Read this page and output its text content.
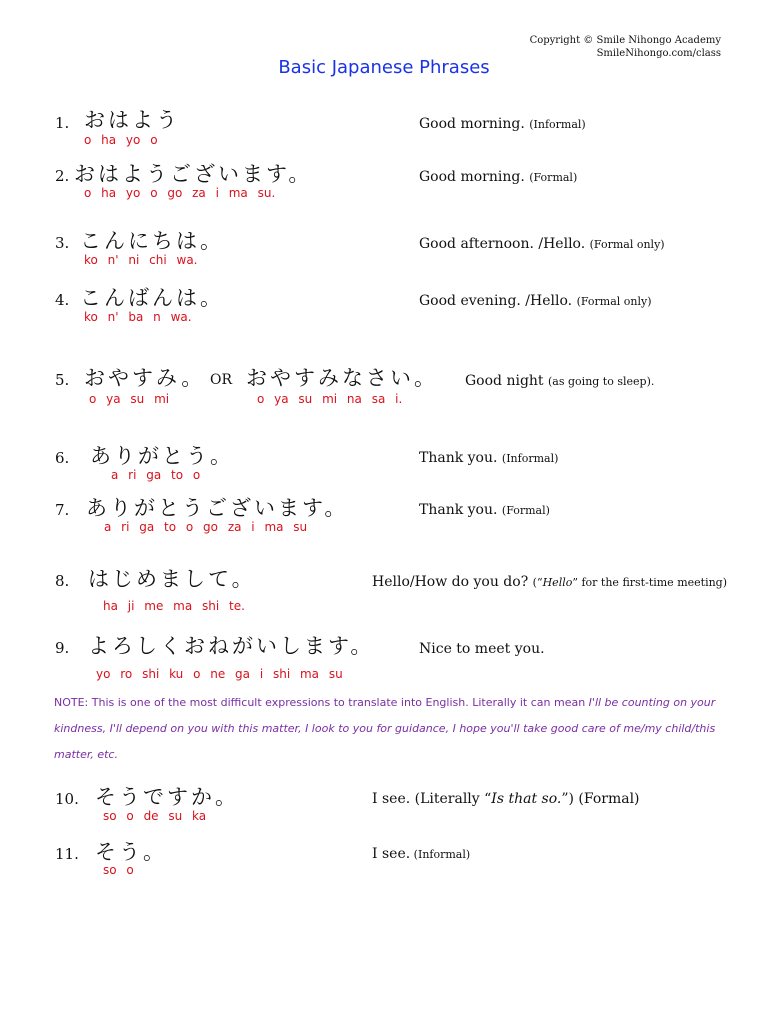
Copyright © Smile Nihongo Academy
SmileNihongo.com/class
Basic Japanese Phrases
1. おはよう
o ha yo o
Good morning. (Informal)
2. おはようございます。
o ha yo o go za i ma su.
Good morning. (Formal)
3. こんにちは。
ko n' ni chi wa.
Good afternoon. /Hello. (Formal only)
4. こんばんは。
ko n' ba n wa.
Good evening. /Hello. (Formal only)
5. おやすみ。 OR おやすみなさい。
o ya su mi	o ya su mi na sa i.
Good night (as going to sleep).
6. ありがとう。
a ri ga to o
Thank you. (Informal)
7. ありがとうございます。
a ri ga to o go za i ma su
Thank you. (Formal)
8. はじめまして。
ha ji me ma shi te.
Hello/How do you do? (“Hello” for the first-time meeting)
9. よろしくおねがいします。
yo ro shi ku o ne ga i shi ma su
Nice to meet you.
NOTE: This is one of the most difficult expressions to translate into English. Literally it can mean I'll be counting on your kindness, I'll depend on you with this matter, I look to you for guidance, I hope you'll take good care of me/my child/this matter, etc.
10. そうですか。
so o de su ka
I see. (Literally “Is that so.”) (Formal)
11. そう。
so o
I see. (Informal)
